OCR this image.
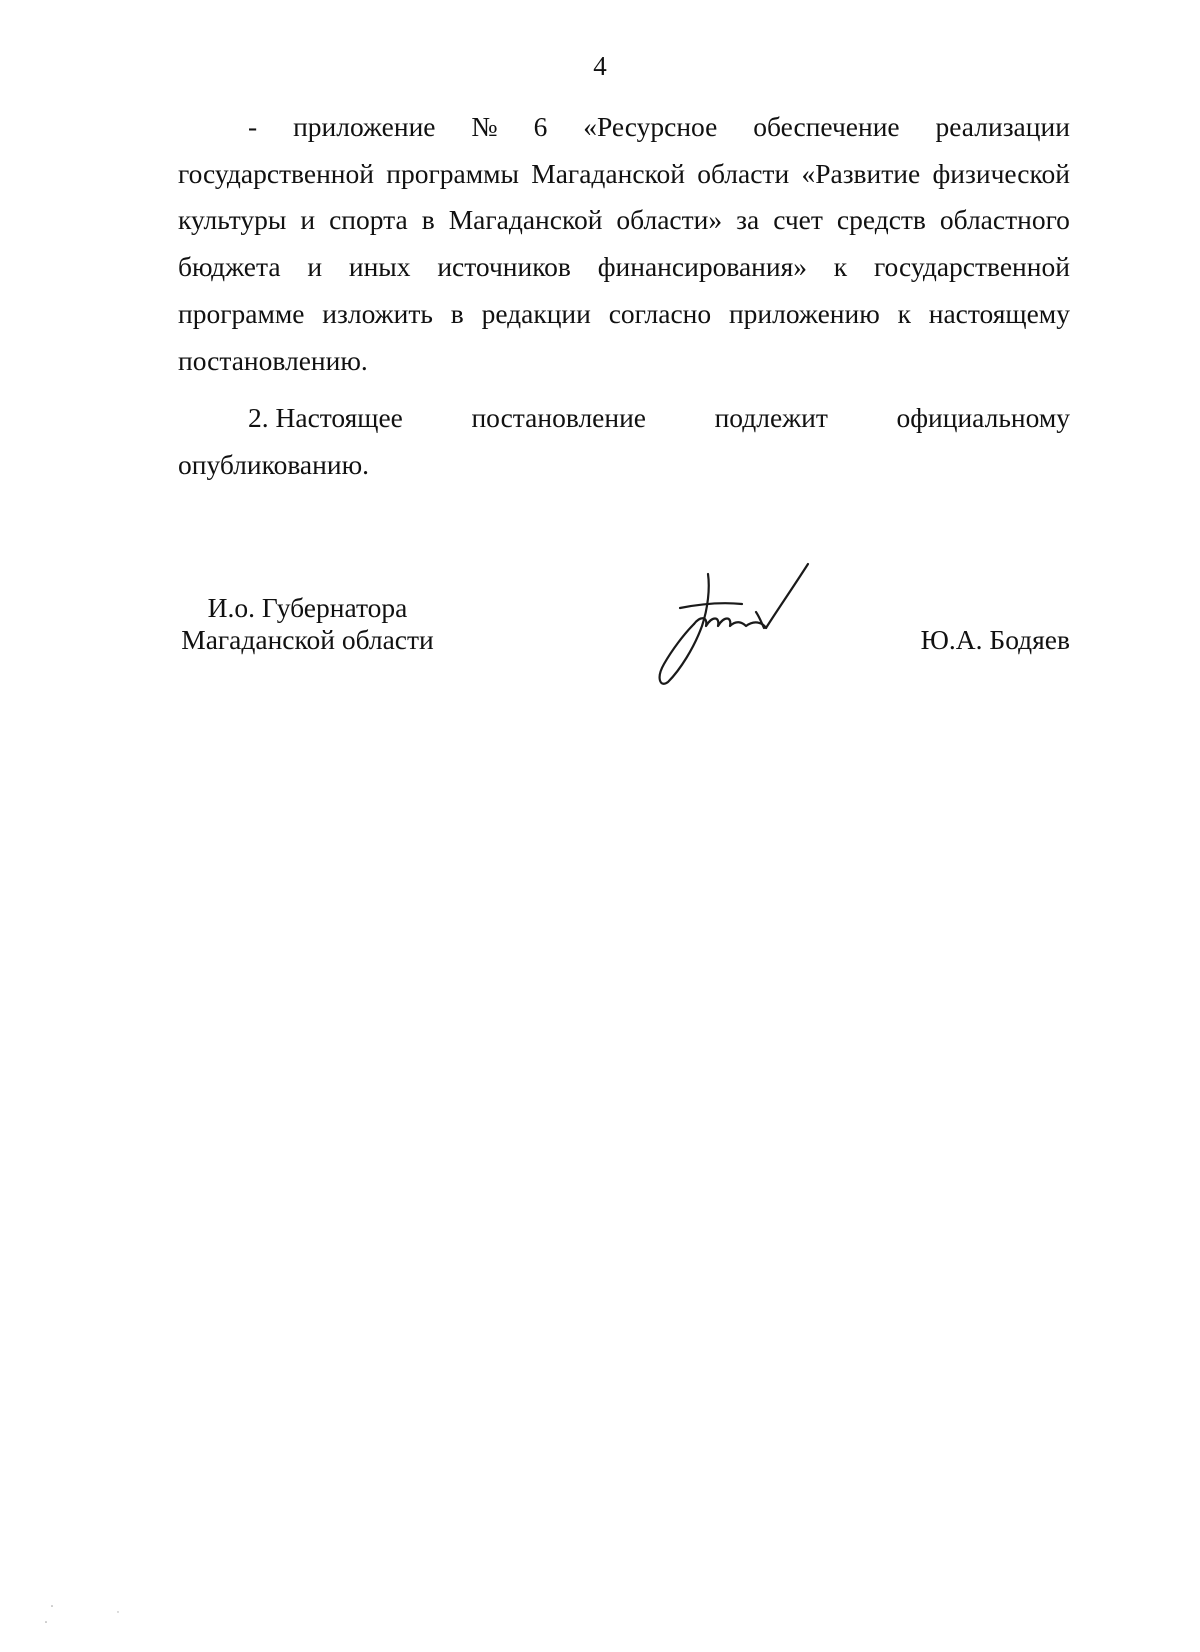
4
- приложение № 6 «Ресурсное обеспечение реализации
государственной программы Магаданской области «Развитие физической
культуры и спорта в Магаданской области» за счет средств областного
бюджета и иных источников финансирования» к государственной
программе изложить в редакции согласно приложению к настоящему
постановлению.
2. Настоящее постановление подлежит официальному
опубликованию.
И.о. Губернатора
Магаданской области	Ю.А. Бодяев
